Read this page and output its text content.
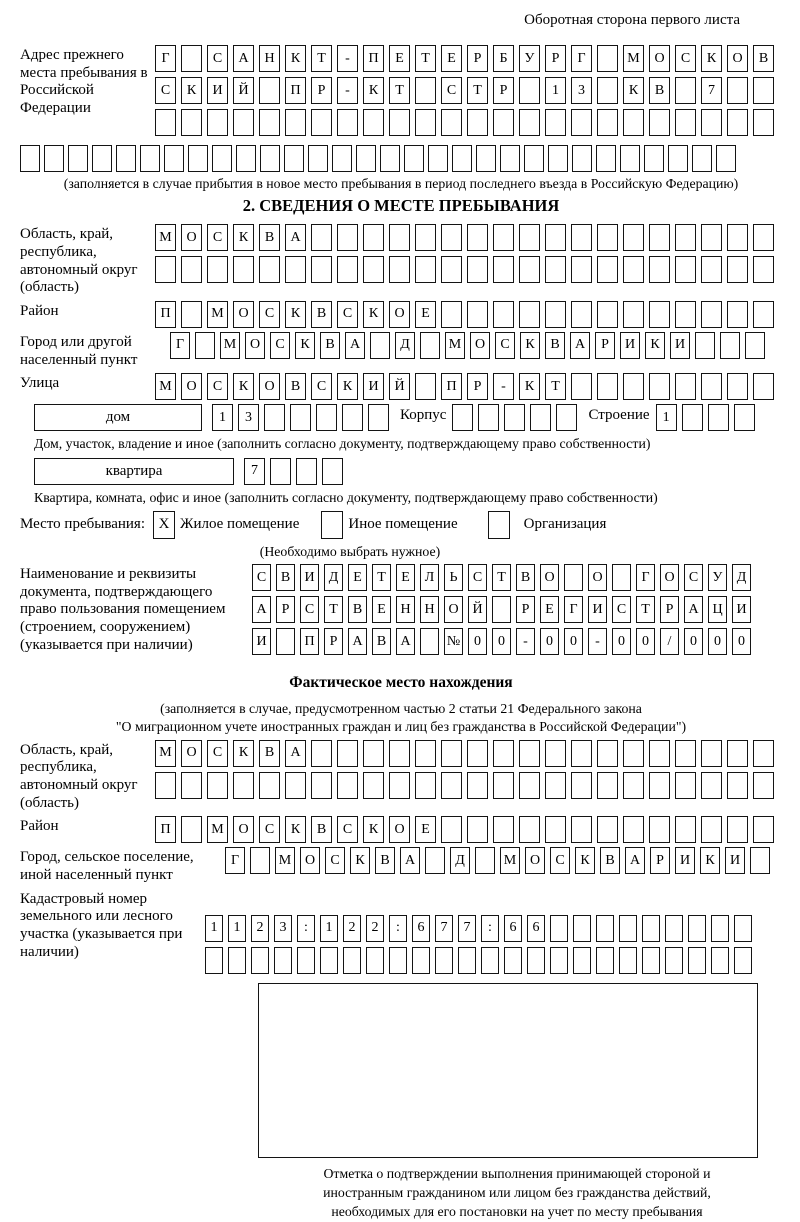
Оборотная сторона первого листа
Адрес прежнего места пребывания в Российской Федерации
Г	С	А	Н	К	Т	-	П	Е	Т	Е	Р	Б	У	Р	Г	М	О	С	К	О	В
С	К	И	Й	П	Р	-	К	Т	С	Т	Р	1	3	К	В	7
(заполняется в случае прибытия в новое место пребывания в период последнего въезда в Российскую Федерацию)
2. СВЕДЕНИЯ О МЕСТЕ ПРЕБЫВАНИЯ
Область, край, республика, автономный округ (область)
М	О	С	К	В	А
Район	П	М	О	С	К	В	С	К	О	Е
Город или другой населенный пункт
Г	М О	С	К	В	А	Д	М О	С	К	В	А	Р	И	К	И
Улица	М	О	С	К	О	В	С	К	И	Й	П	Р	-	К	Т
дом	1	3	Корпус	Строение 1
Дом, участок, владение и иное (заполнить согласно документу, подтверждающему право собственности)
квартира	7
Квартира, комната, офис и иное (заполнить согласно документу, подтверждающему право собственности)
Место пребывания: X Жилое помещение	Иное помещение	Организация
(Необходимо выбрать нужное)
Наименование и реквизиты документа, подтверждающего право пользования помещением (строением, сооружением) (указывается при наличии)
С	В	И	Д	Е	Т	Е	Л	Ь	С	Т	В	О	О	Г	О	С	У	Д
А	Р	С	Т	В	Е	Н Н О Й	Р	Е	Г	И	С	Т	Р	А Ц И
И	П	Р	А	В	А	№ 0	0	-	0	0	-	0	0	/	0	0	0
Фактическое место нахождения
(заполняется в случае, предусмотренном частью 2 статьи 21 Федерального закона
"О миграционном учете иностранных граждан и лиц без гражданства в Российской Федерации")
Область, край, республика, автономный округ (область)
М	О	С	К	В	А
Район	П	М	О	С	К	В	С	К	О	Е
Город, сельское поселение, иной населенный пункт
Г	М О	С	К	В	А	Д	М О	С	К	В	А	Р	И	К	И
Кадастровый номер земельного или лесного участка (указывается при наличии)
1	1	2	3	:	1	2	2	:	6	7	7	:	6	6
Отметка о подтверждении выполнения принимающей стороной и иностранным гражданином или лицом без гражданства действий, необходимых для его постановки на учет по месту пребывания
